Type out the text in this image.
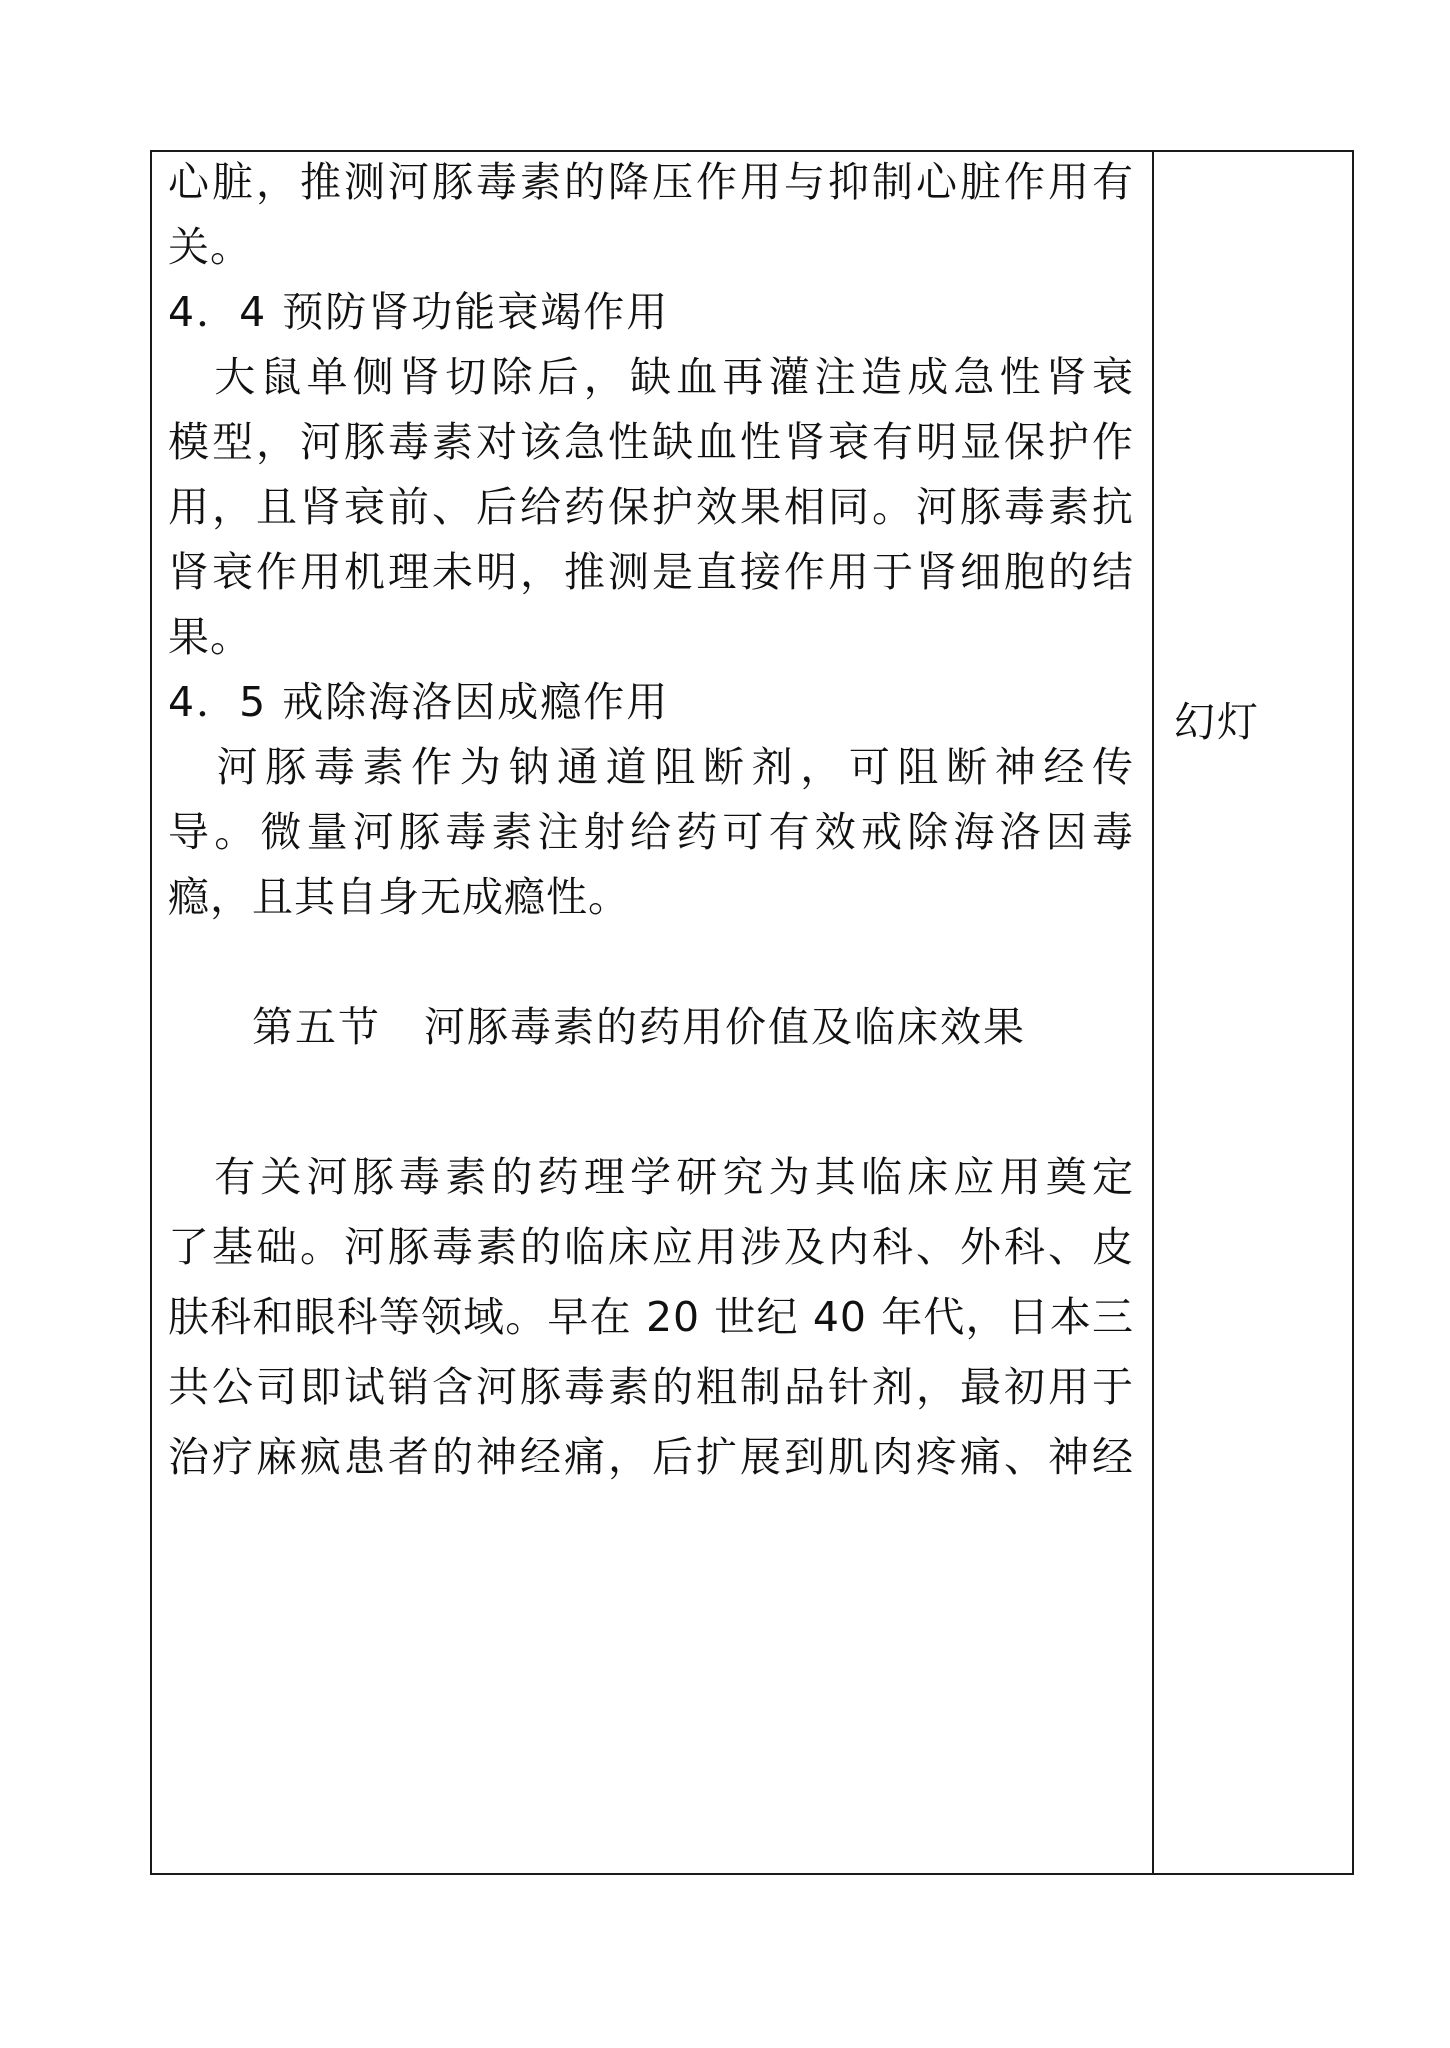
心脏，推测河豚毒素的降压作用与抑制心脏作用有
关。
4．4 预防肾功能衰竭作用
　大鼠单侧肾切除后，缺血再灌注造成急性肾衰
模型，河豚毒素对该急性缺血性肾衰有明显保护作
用，且肾衰前、后给药保护效果相同。河豚毒素抗
肾衰作用机理未明，推测是直接作用于肾细胞的结
果。
4．5 戒除海洛因成瘾作用
　河豚毒素作为钠通道阻断剂，可阻断神经传
导。微量河豚毒素注射给药可有效戒除海洛因毒
瘾，且其自身无成瘾性。
第五节　河豚毒素的药用价值及临床效果
　有关河豚毒素的药理学研究为其临床应用奠定
了基础。河豚毒素的临床应用涉及内科、外科、皮
肤科和眼科等领域。早在 20 世纪 40 年代，日本三
共公司即试销含河豚毒素的粗制品针剂，最初用于
治疗麻疯患者的神经痛，后扩展到肌肉疼痛、神经
幻灯
